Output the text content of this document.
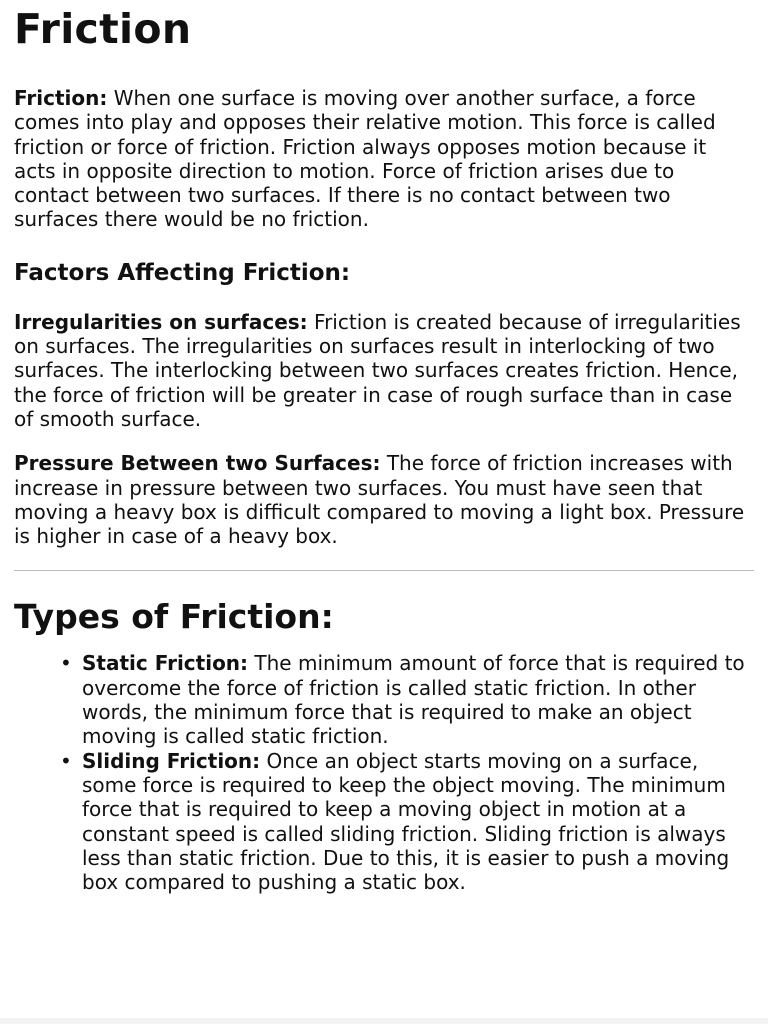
Friction

Friction: When one surface is moving over another surface, a force comes into play and opposes their relative motion. This force is called friction or force of friction. Friction always opposes motion because it acts in opposite direction to motion. Force of friction arises due to contact between two surfaces. If there is no contact between two surfaces there would be no friction.

Factors Affecting Friction:

Irregularities on surfaces: Friction is created because of irregularities on surfaces. The irregularities on surfaces result in interlocking of two surfaces. The interlocking between two surfaces creates friction. Hence, the force of friction will be greater in case of rough surface than in case of smooth surface.

Pressure Between two Surfaces: The force of friction increases with increase in pressure between two surfaces. You must have seen that moving a heavy box is difficult compared to moving a light box. Pressure is higher in case of a heavy box.

Types of Friction:
• Static Friction: The minimum amount of force that is required to overcome the force of friction is called static friction. In other words, the minimum force that is required to make an object moving is called static friction.
• Sliding Friction: Once an object starts moving on a surface, some force is required to keep the object moving. The minimum force that is required to keep a moving object in motion at a constant speed is called sliding friction. Sliding friction is always less than static friction. Due to this, it is easier to push a moving box compared to pushing a static box.
